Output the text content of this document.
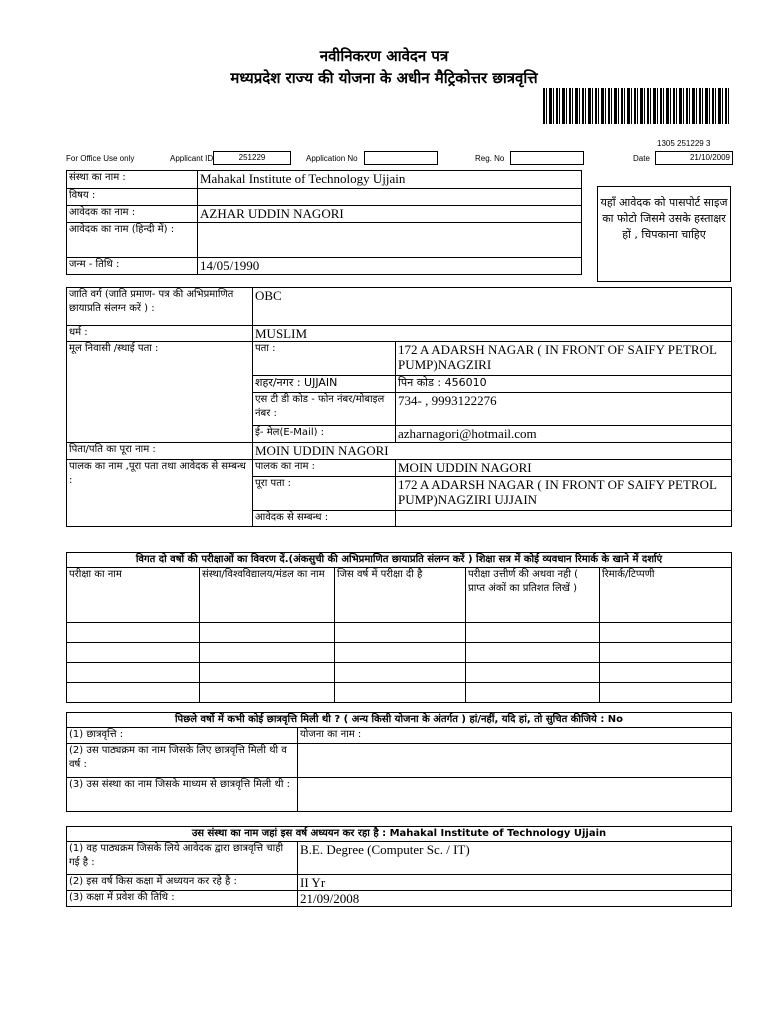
नवीनिकरण आवेदन पत्र
मध्यप्रदेश राज्य की योजना के अधीन मैट्रिकोत्तर छात्रवृत्ति
1305 251229 3
For Office Use only	Applicant ID	251229	Application No	Reg. No	Date	21/10/2009
संस्था का नाम :	Mahakal Institute of Technology Ujjain
विषय :	
आवेदक का नाम :	AZHAR UDDIN NAGORI
आवेदक का नाम (हिन्दी में) :	
जन्म - तिथि :	14/05/1990
यहाँ आवेदक को पासपोर्ट साइज का फोटो जिसमे उसके हस्ताक्षर हों , चिपकाना चाहिए
जाति वर्ग (जाति प्रमाण- पत्र की अभिप्रमाणित छायाप्रति संलग्न करें ) :	OBC	
धर्म :	MUSLIM	
मूल निवासी /स्थाई पता :	पता :	172 A ADARSH NAGAR ( IN FRONT OF SAIFY PETROL PUMP)NAGZIRI
	शहर/नगर : UJJAIN	पिन कोड : 456010
	एस टी डी कोड - फोन नंबर/मोबाइल नंबर :	734- , 9993122276
	ई- मेल(E-Mail) :	azharnagori@hotmail.com
पिता/पति का पूरा नाम :	MOIN UDDIN NAGORI	
पालक का नाम ,पूरा पता तथा आवेदक से सम्बन्ध :	पालक का नाम :	MOIN UDDIN NAGORI
	पूरा पता :	172 A ADARSH NAGAR ( IN FRONT OF SAIFY PETROL PUMP)NAGZIRI UJJAIN
	आवेदक से सम्बन्ध :	
विगत दो वर्षो की परीक्षाओं का विवरण दें.(अंकसुची की अभिप्रमाणित छायाप्रति संलग्न करें ) शिक्षा सत्र में कोई व्यवधान रिमार्क के खाने में दर्शाएं				
परीक्षा का नाम	संस्था/विश्वविद्यालय/मंडल का नाम	जिस वर्ष में परीक्षा दी है	परीक्षा उत्तीर्ण की अथवा नही ( प्राप्त अंकों का प्रतिशत लिखें )	रिमार्क/टिप्पणी

पिछले वर्षो में कभी कोई छात्रवृत्ति मिली थी ? ( अन्य किसी योजना के अंतर्गत ) हां/नहीं, यदि हां, तो सुचित कीजिये : No	
(1) छात्रवृत्ति :	योजना का नाम :
(2) उस पाठ्यक्रम का नाम जिसके लिए छात्रवृत्ति मिली थी व वर्ष :	
(3) उस संस्था का नाम जिसके माध्यम से छात्रवृत्ति मिली थी :	
उस संस्था का नाम जहां इस वर्ष अध्ययन कर रहा है : Mahakal Institute of Technology Ujjain	
(1) वह पाठ्यक्रम जिसके लिये आवेदक द्वारा छात्रवृत्ति चाही गई है :	B.E. Degree (Computer Sc. / IT)
(2) इस वर्ष किस कक्षा में अध्ययन कर रहे है :	II Yr
(3) कक्षा में प्रवेश की तिथि :	21/09/2008
